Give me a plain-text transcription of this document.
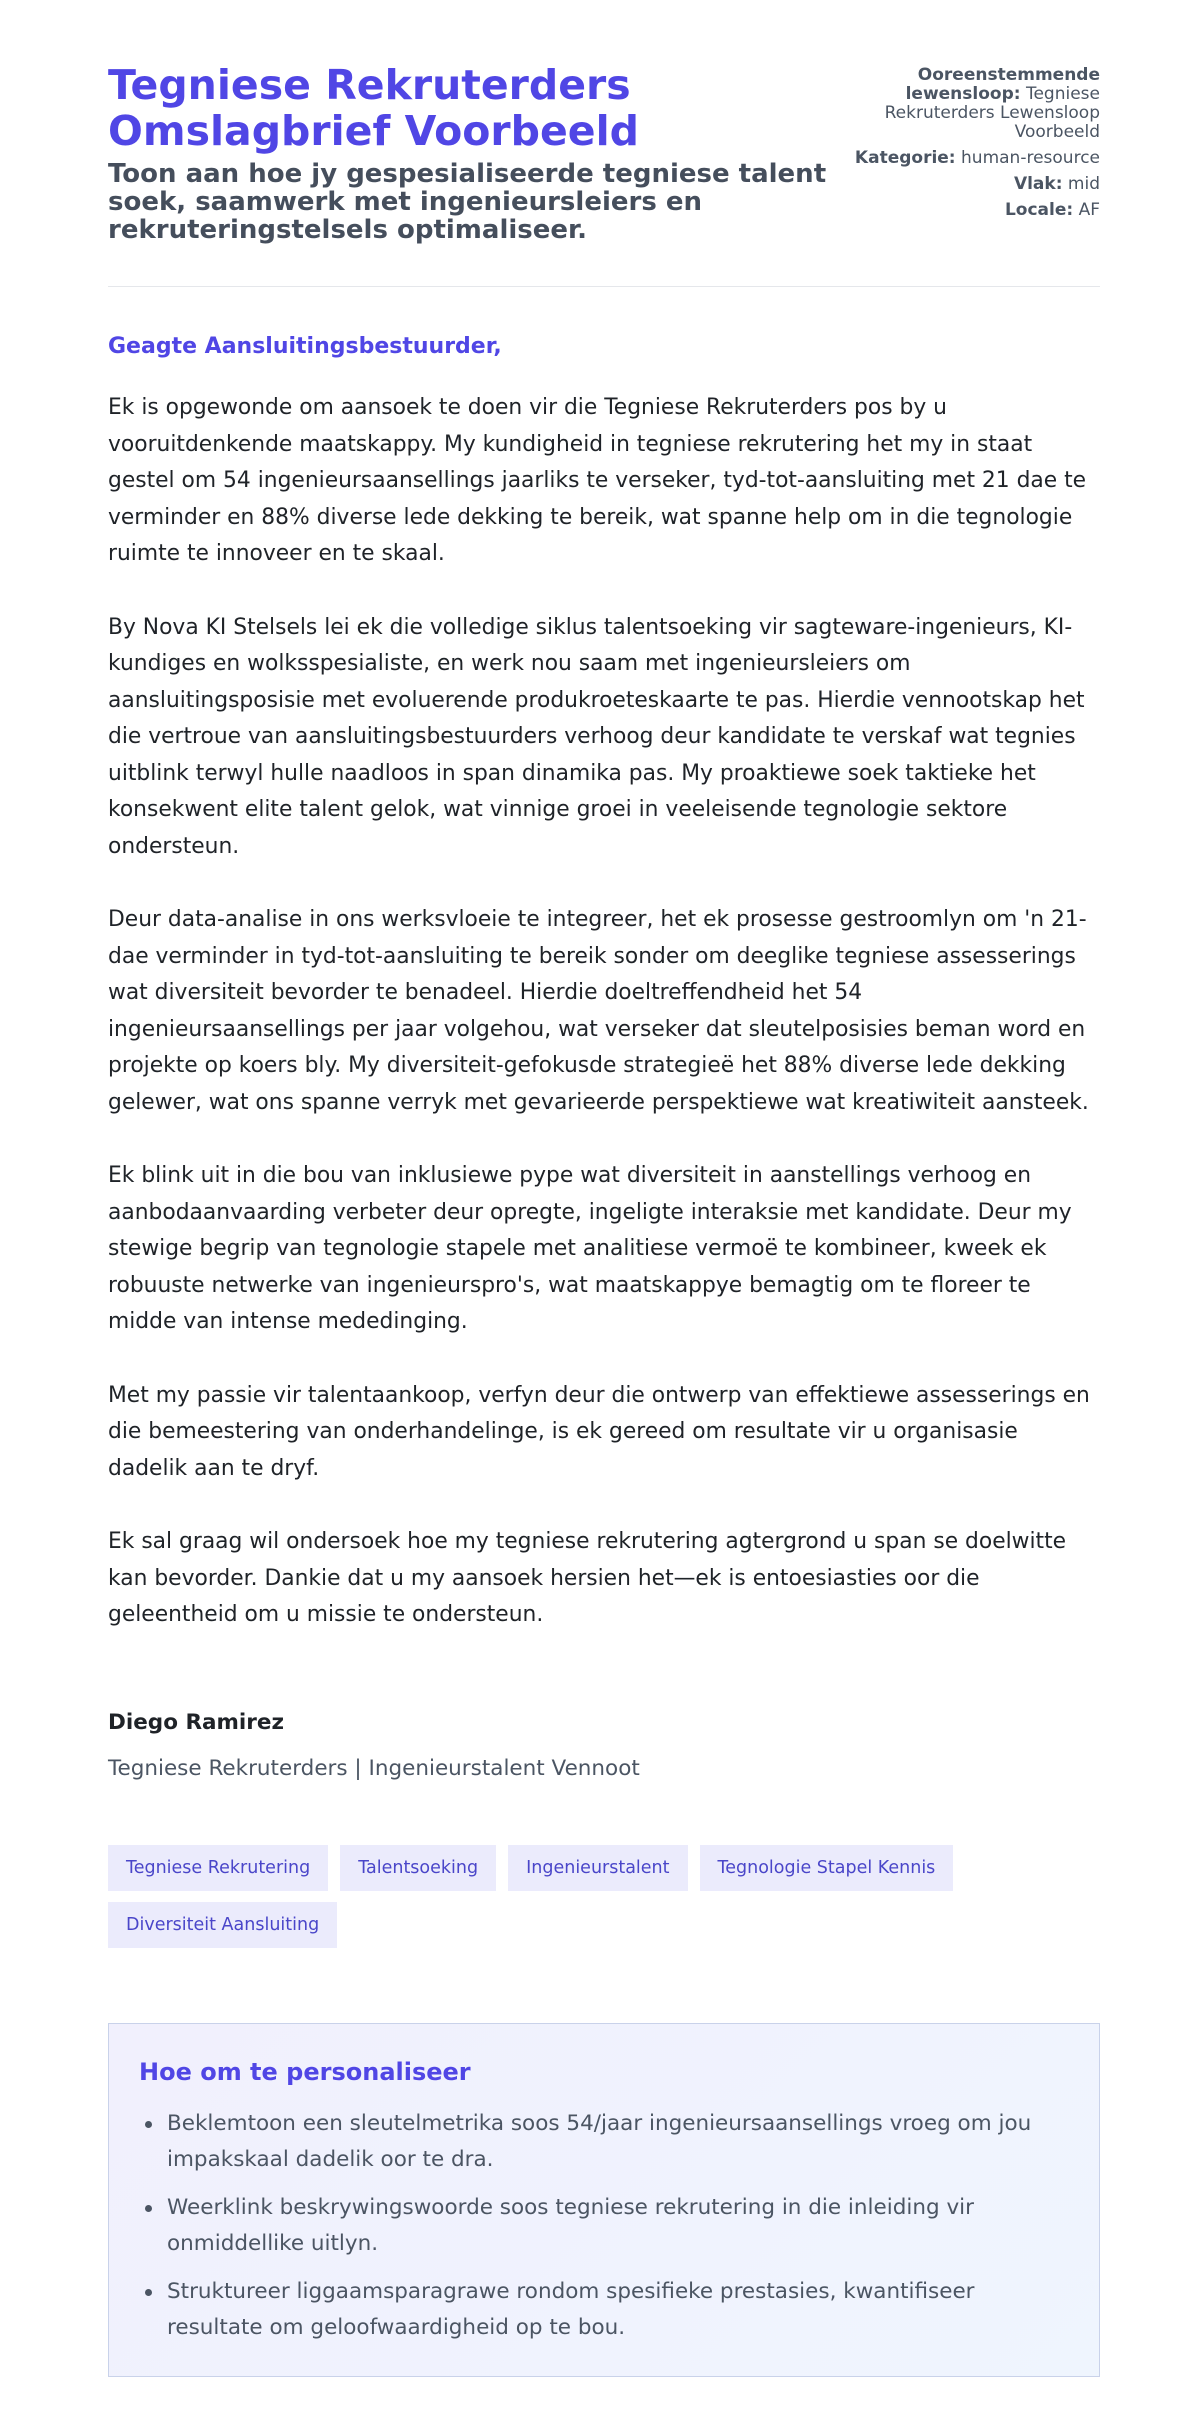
Tegniese Rekruterders Omslagbrief Voorbeeld
Toon aan hoe jy gespesialiseerde tegniese talent soek, saamwerk met ingenieursleiers en rekruteringstelsels optimaliseer.
Ooreenstemmende lewensloop: Tegniese Rekruterders Lewensloop Voorbeeld
Kategorie: human-resource
Vlak: mid
Locale: AF
Geagte Aansluitingsbestuurder,

Ek is opgewonde om aansoek te doen vir die Tegniese Rekruterders pos by u vooruitdenkende maatskappy. My kundigheid in tegniese rekrutering het my in staat gestel om 54 ingenieursaansellings jaarliks te verseker, tyd-tot-aansluiting met 21 dae te verminder en 88% diverse lede dekking te bereik, wat spanne help om in die tegnologie ruimte te innoveer en te skaal.

By Nova KI Stelsels lei ek die volledige siklus talentsoeking vir sagteware-ingenieurs, KI-kundiges en wolksspesialiste, en werk nou saam met ingenieursleiers om aansluitingsposisie met evoluerende produkroeteskaarte te pas. Hierdie vennootskap het die vertroue van aansluitingsbestuurders verhoog deur kandidate te verskaf wat tegnies uitblink terwyl hulle naadloos in span dinamika pas. My proaktiewe soek taktieke het konsekwent elite talent gelok, wat vinnige groei in veeleisende tegnologie sektore ondersteun.

Deur data-analise in ons werksvloeie te integreer, het ek prosesse gestroomlyn om 'n 21-dae verminder in tyd-tot-aansluiting te bereik sonder om deeglike tegniese assesserings wat diversiteit bevorder te benadeel. Hierdie doeltreffendheid het 54 ingenieursaansellings per jaar volgehou, wat verseker dat sleutelposisies beman word en projekte op koers bly. My diversiteit-gefokusde strategieë het 88% diverse lede dekking gelewer, wat ons spanne verryk met gevarieerde perspektiewe wat kreatiwiteit aansteek.

Ek blink uit in die bou van inklusiewe pype wat diversiteit in aanstellings verhoog en aanbodaanvaarding verbeter deur opregte, ingeligte interaksie met kandidate. Deur my stewige begrip van tegnologie stapele met analitiese vermoë te kombineer, kweek ek robuuste netwerke van ingenieurspro's, wat maatskappye bemagtig om te floreer te midde van intense mededinging.

Met my passie vir talentaankoop, verfyn deur die ontwerp van effektiewe assesserings en die bemeestering van onderhandelinge, is ek gereed om resultate vir u organisasie dadelik aan te dryf.

Ek sal graag wil ondersoek hoe my tegniese rekrutering agtergrond u span se doelwitte kan bevorder. Dankie dat u my aansoek hersien het—ek is entoesiasties oor die geleentheid om u missie te ondersteun.

Diego Ramirez
Tegniese Rekruterders | Ingenieurstalent Vennoot
Tegniese Rekrutering	Talentsoeking	Ingenieurstalent	Tegnologie Stapel Kennis
Diversiteit Aansluiting
Hoe om te personaliseer
Beklemtoon een sleutelmetrika soos 54/jaar ingenieursaansellings vroeg om jou impakskaal dadelik oor te dra.
Weerklink beskrywingswoorde soos tegniese rekrutering in die inleiding vir onmiddellike uitlyn.
Struktureer liggaamsparagrawe rondom spesifieke prestasies, kwantifiseer resultate om geloofwaardigheid op te bou.
